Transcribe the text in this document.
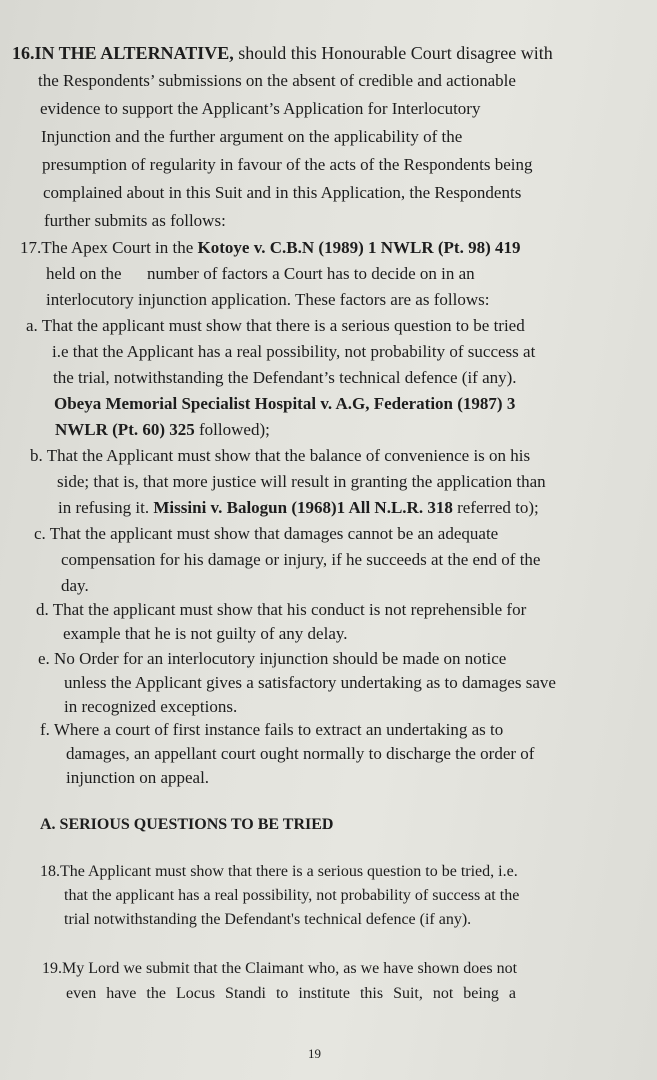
16.IN THE ALTERNATIVE, should this Honourable Court disagree with
the Respondents’ submissions on the absent of credible and actionable
evidence to support the Applicant’s Application for Interlocutory
Injunction and the further argument on the applicability of the
presumption of regularity in favour of the acts of the Respondents being
complained about in this Suit and in this Application, the Respondents
further submits as follows:
17.The Apex Court in the Kotoye v. C.B.N (1989) 1 NWLR (Pt. 98) 419
held on the      number of factors a Court has to decide on in an
interlocutory injunction application. These factors are as follows:
a. That the applicant must show that there is a serious question to be tried
i.e that the Applicant has a real possibility, not probability of success at
the trial, notwithstanding the Defendant’s technical defence (if any).
Obeya Memorial Specialist Hospital v. A.G, Federation (1987) 3
NWLR (Pt. 60) 325 followed);
b. That the Applicant must show that the balance of convenience is on his
side; that is, that more justice will result in granting the application than
in refusing it. Missini v. Balogun (1968)1 All N.L.R. 318 referred to);
c. That the applicant must show that damages cannot be an adequate
compensation for his damage or injury, if he succeeds at the end of the
day.
d. That the applicant must show that his conduct is not reprehensible for
example that he is not guilty of any delay.
e. No Order for an interlocutory injunction should be made on notice
unless the Applicant gives a satisfactory undertaking as to damages save
in recognized exceptions.
f. Where a court of first instance fails to extract an undertaking as to
damages, an appellant court ought normally to discharge the order of
injunction on appeal.
A. SERIOUS QUESTIONS TO BE TRIED
18.The Applicant must show that there is a serious question to be tried, i.e.
that the applicant has a real possibility, not probability of success at the
trial notwithstanding the Defendant's technical defence (if any).
19.My Lord we submit that the Claimant who, as we have shown does not
even have the Locus Standi to institute this Suit, not being a
19
